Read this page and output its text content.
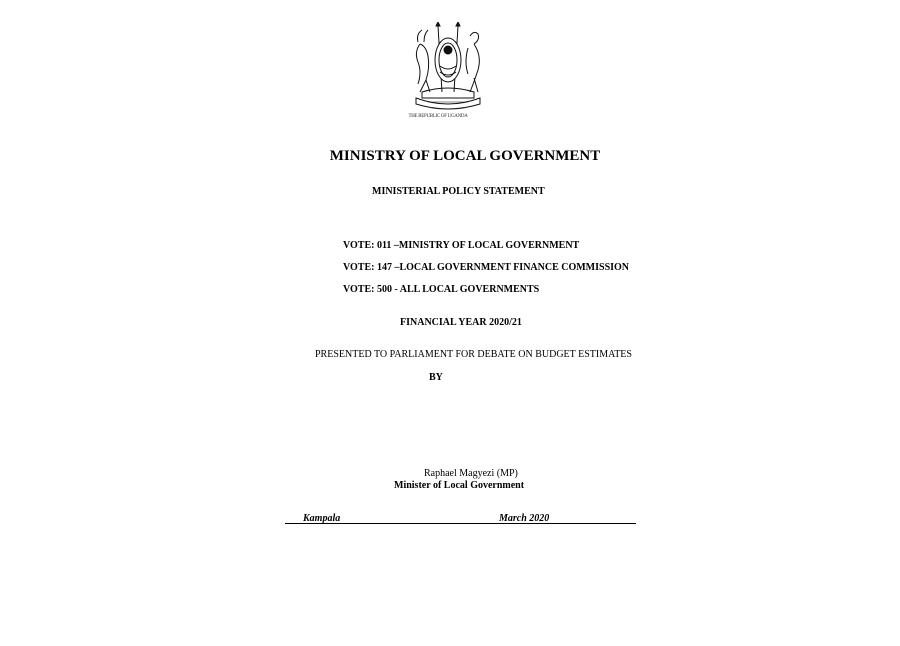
THE REPUBLIC OF UGANDA
MINISTRY OF LOCAL GOVERNMENT
MINISTERIAL POLICY STATEMENT
VOTE: 011 –MINISTRY OF LOCAL GOVERNMENT
VOTE: 147 –LOCAL GOVERNMENT FINANCE COMMISSION
VOTE: 500 - ALL LOCAL GOVERNMENTS
FINANCIAL YEAR 2020/21
PRESENTED TO PARLIAMENT FOR DEBATE ON BUDGET ESTIMATES
BY
Raphael Magyezi (MP)
Minister of Local Government
Kampala	March 2020
